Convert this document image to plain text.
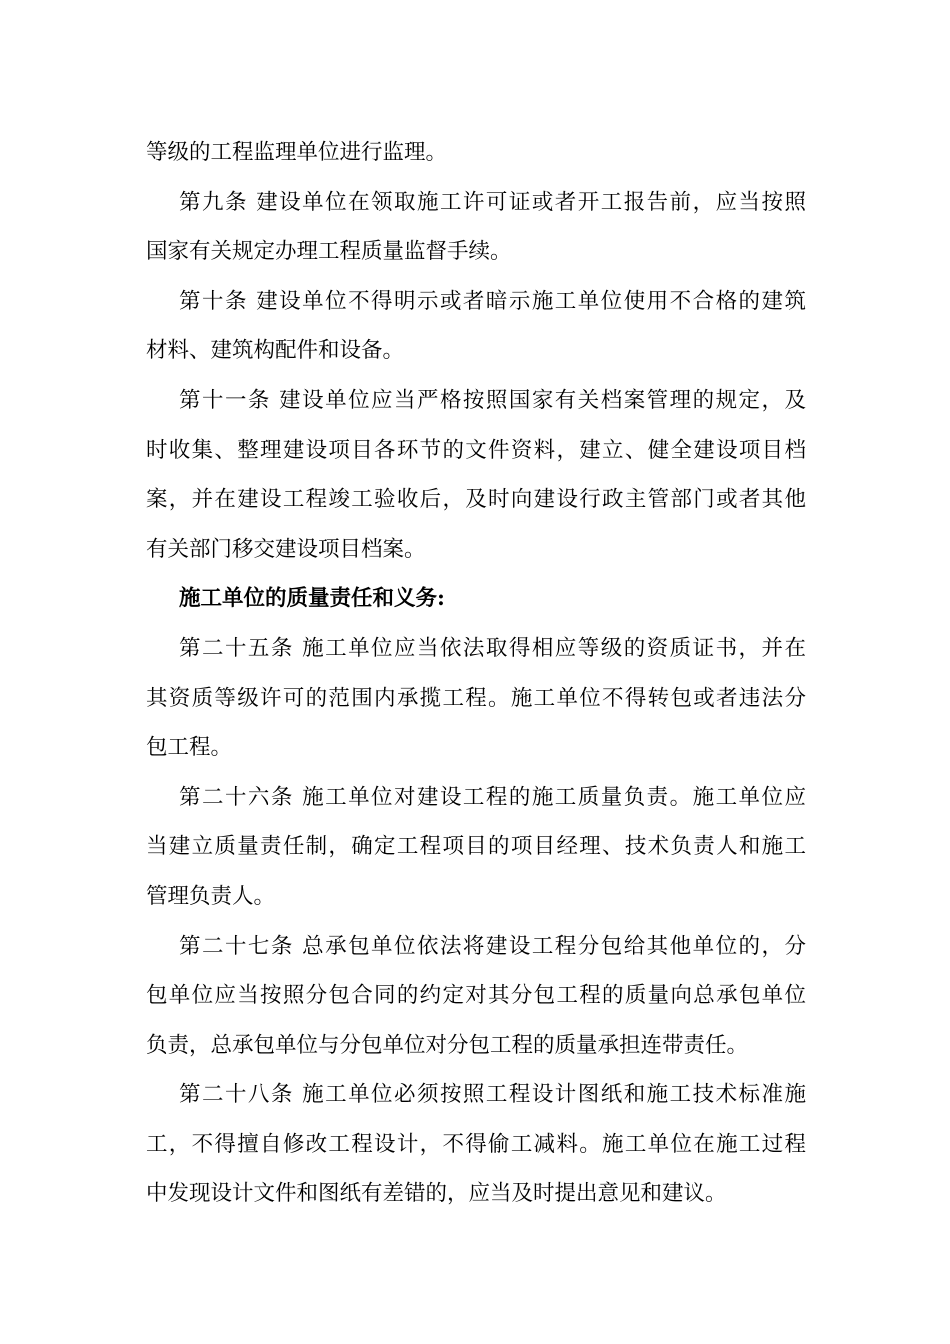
等级的工程监理单位进行监理。
第九条 建设单位在领取施工许可证或者开工报告前，应当按照
国家有关规定办理工程质量监督手续。
第十条 建设单位不得明示或者暗示施工单位使用不合格的建筑
材料、建筑构配件和设备。
第十一条 建设单位应当严格按照国家有关档案管理的规定，及
时收集、整理建设项目各环节的文件资料，建立、健全建设项目档
案，并在建设工程竣工验收后，及时向建设行政主管部门或者其他
有关部门移交建设项目档案。
施工单位的质量责任和义务:
第二十五条 施工单位应当依法取得相应等级的资质证书，并在
其资质等级许可的范围内承揽工程。施工单位不得转包或者违法分
包工程。
第二十六条 施工单位对建设工程的施工质量负责。施工单位应
当建立质量责任制，确定工程项目的项目经理、技术负责人和施工
管理负责人。
第二十七条 总承包单位依法将建设工程分包给其他单位的，分
包单位应当按照分包合同的约定对其分包工程的质量向总承包单位
负责，总承包单位与分包单位对分包工程的质量承担连带责任。
第二十八条 施工单位必须按照工程设计图纸和施工技术标准施
工，不得擅自修改工程设计，不得偷工减料。施工单位在施工过程
中发现设计文件和图纸有差错的，应当及时提出意见和建议。
